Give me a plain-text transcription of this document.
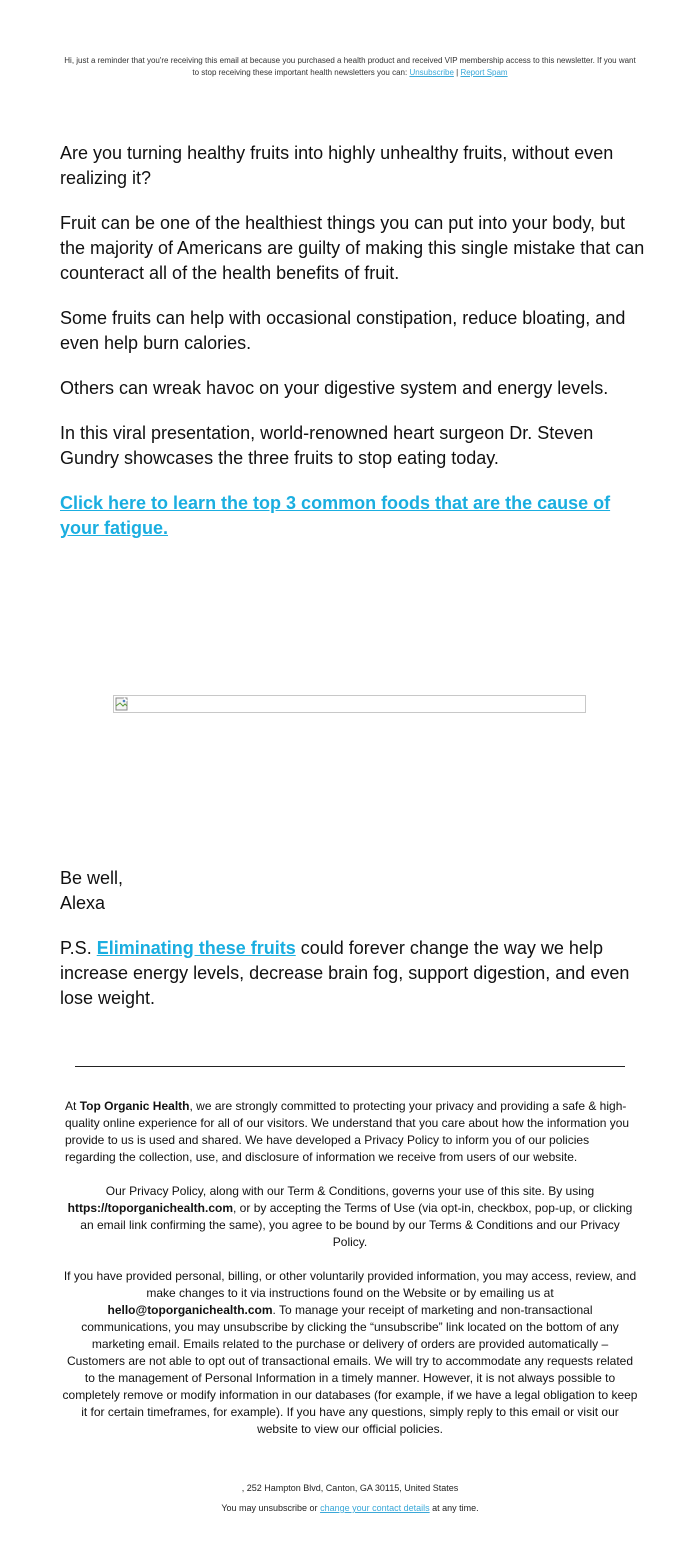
Hi, just a reminder that you're receiving this email at because you purchased a health product and received VIP membership access to this newsletter. If you want to stop receiving these important health newsletters you can: Unsubscribe | Report Spam

Are you turning healthy fruits into highly unhealthy fruits, without even realizing it?

Fruit can be one of the healthiest things you can put into your body, but the majority of Americans are guilty of making this single mistake that can counteract all of the health benefits of fruit.

Some fruits can help with occasional constipation, reduce bloating, and even help burn calories.

Others can wreak havoc on your digestive system and energy levels.

In this viral presentation, world-renowned heart surgeon Dr. Steven Gundry showcases the three fruits to stop eating today.

Click here to learn the top 3 common foods that are the cause of your fatigue.

Be well,
Alexa

P.S. Eliminating these fruits could forever change the way we help increase energy levels, decrease brain fog, support digestion, and even lose weight.

At Top Organic Health, we are strongly committed to protecting your privacy and providing a safe & high-quality online experience for all of our visitors. We understand that you care about how the information you provide to us is used and shared. We have developed a Privacy Policy to inform you of our policies regarding the collection, use, and disclosure of information we receive from users of our website.

Our Privacy Policy, along with our Term & Conditions, governs your use of this site. By using https://toporganichealth.com, or by accepting the Terms of Use (via opt-in, checkbox, pop-up, or clicking an email link confirming the same), you agree to be bound by our Terms & Conditions and our Privacy Policy.

If you have provided personal, billing, or other voluntarily provided information, you may access, review, and make changes to it via instructions found on the Website or by emailing us at hello@toporganichealth.com. To manage your receipt of marketing and non-transactional communications, you may unsubscribe by clicking the “unsubscribe” link located on the bottom of any marketing email. Emails related to the purchase or delivery of orders are provided automatically – Customers are not able to opt out of transactional emails. We will try to accommodate any requests related to the management of Personal Information in a timely manner. However, it is not always possible to completely remove or modify information in our databases (for example, if we have a legal obligation to keep it for certain timeframes, for example). If you have any questions, simply reply to this email or visit our website to view our official policies.

, 252 Hampton Blvd, Canton, GA 30115, United States
You may unsubscribe or change your contact details at any time.
